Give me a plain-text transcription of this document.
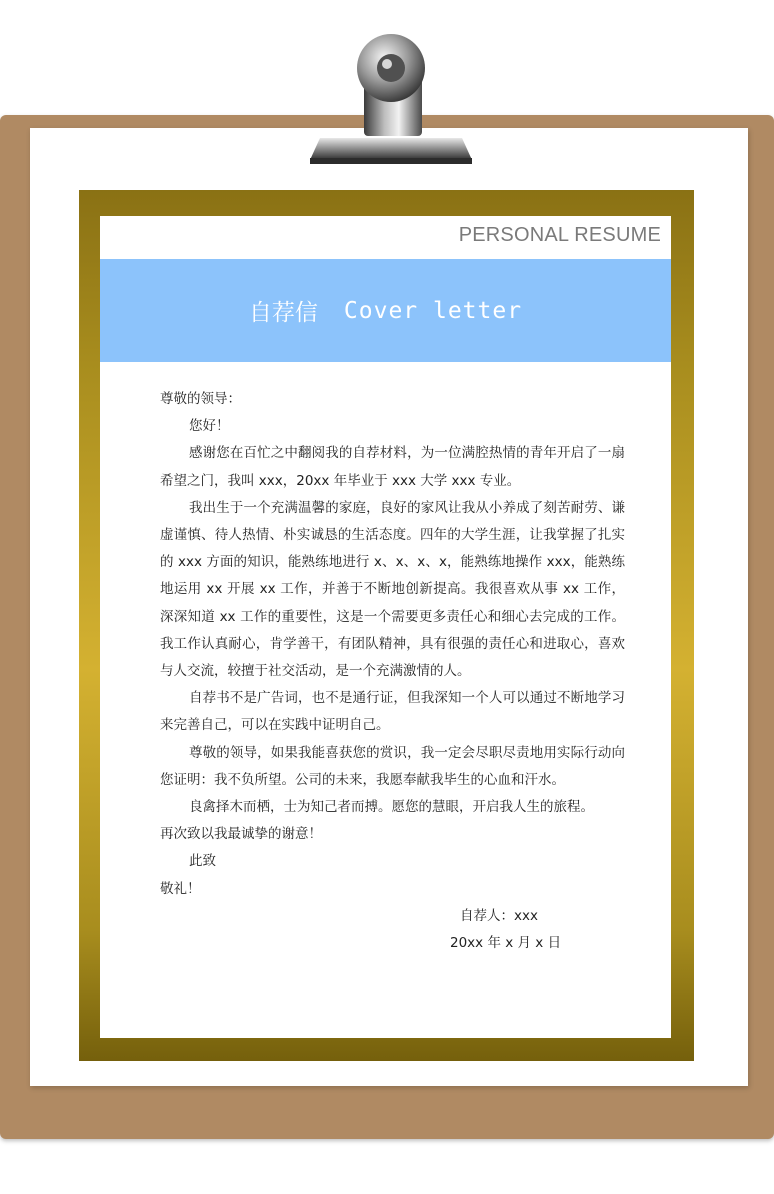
PERSONAL RESUME
自荐信 Cover letter

尊敬的领导：

您好！

感谢您在百忙之中翻阅我的自荐材料，为一位满腔热情的青年开启了一扇希望之门，我叫 xxx，20xx 年毕业于 xxx 大学 xxx 专业。

我出生于一个充满温馨的家庭，良好的家风让我从小养成了刻苦耐劳、谦虚谨慎、待人热情、朴实诚恳的生活态度。四年的大学生涯，让我掌握了扎实的 xxx 方面的知识，能熟练地进行 x、x、x、x，能熟练地操作 xxx，能熟练地运用 xx 开展 xx 工作，并善于不断地创新提高。我很喜欢从事 xx 工作，深深知道 xx 工作的重要性，这是一个需要更多责任心和细心去完成的工作。我工作认真耐心，肯学善干，有团队精神，具有很强的责任心和进取心，喜欢与人交流，较擅于社交活动，是一个充满激情的人。

自荐书不是广告词，也不是通行证，但我深知一个人可以通过不断地学习来完善自己，可以在实践中证明自己。

尊敬的领导，如果我能喜获您的赏识，我一定会尽职尽责地用实际行动向您证明：我不负所望。公司的未来，我愿奉献我毕生的心血和汗水。

良禽择木而栖，士为知己者而搏。愿您的慧眼，开启我人生的旅程。

再次致以我最诚挚的谢意！

此致

敬礼！

自荐人：xxx

20xx 年 x 月 x 日
